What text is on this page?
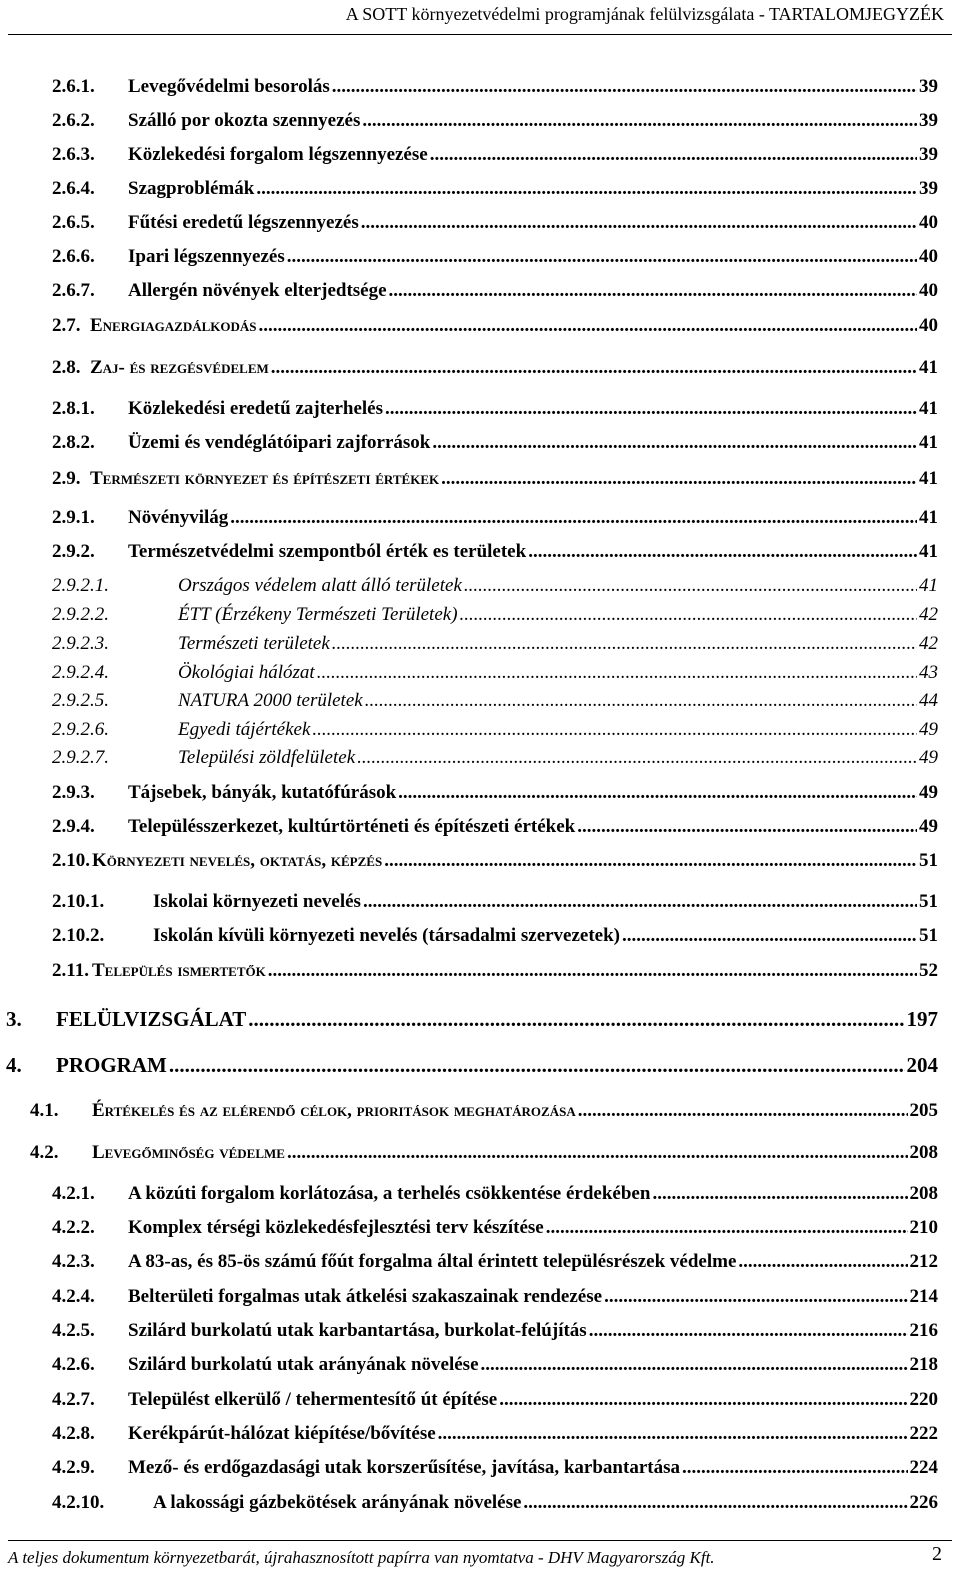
A SOTT környezetvédelmi programjának felülvizsgálata - TARTALOMJEGYZÉK
2.6.1.	Levegővédelmi besorolás .....	39
2.6.2.	Szálló por okozta szennyezés .....	39
2.6.3.	Közlekedési forgalom légszennyezése .....	39
2.6.4.	Szagproblémák .....	39
2.6.5.	Fűtési eredetű légszennyezés .....	40
2.6.6.	Ipari légszennyezés .....	40
2.6.7.	Allergén növények elterjedtsége .....	40
2.7. Energiagazdálkodás .....	40
2.8. Zaj- és rezgésvédelem .....	41
2.8.1.	Közlekedési eredetű zajterhelés .....	41
2.8.2.	Üzemi és vendéglátóipari zajforrások .....	41
2.9. Természeti környezet és építészeti értékek .....	41
2.9.1.	Növényvilág .....	41
2.9.2.	Természetvédelmi szempontból érték es területek .....	41
2.9.2.1.	Országos védelem alatt álló területek .....	41
2.9.2.2.	ÉTT (Érzékeny Természeti Területek) .....	42
2.9.2.3.	Természeti területek .....	42
2.9.2.4.	Ökológiai hálózat .....	43
2.9.2.5.	NATURA 2000 területek .....	44
2.9.2.6.	Egyedi tájértékek .....	49
2.9.2.7.	Települési zöldfelületek .....	49
2.9.3.	Tájsebek, bányák, kutatófúrások .....	49
2.9.4.	Településszerkezet, kultúrtörténeti és építészeti értékek .....	49
2.10. Környezeti nevelés, oktatás, képzés .....	51
2.10.1.	Iskolai környezeti nevelés .....	51
2.10.2.	Iskolán kívüli környezeti nevelés (társadalmi szervezetek) .....	51
2.11. Település ismertetők .....	52
3.	FELÜLVIZSGÁLAT .....	197
4.	PROGRAM .....	204
4.1.	Értékelés és az elérendő célok, prioritások meghatározása .....	205
4.2.	Levegőminőség védelme .....	208
4.2.1.	A közúti forgalom korlátozása, a terhelés csökkentése érdekében .....	208
4.2.2.	Komplex térségi közlekedésfejlesztési terv készítése .....	210
4.2.3.	A 83-as, és 85-ös számú főút forgalma által érintett településrészek védelme .....	212
4.2.4.	Belterületi forgalmas utak átkelési szakaszainak rendezése .....	214
4.2.5.	Szilárd burkolatú utak karbantartása, burkolat-felújítás .....	216
4.2.6.	Szilárd burkolatú utak arányának növelése .....	218
4.2.7.	Települést elkerülő / tehermentesítő út építése .....	220
4.2.8.	Kerékpárút-hálózat kiépítése/bővítése .....	222
4.2.9.	Mező- és erdőgazdasági utak korszerűsítése, javítása, karbantartása .....	224
4.2.10.	A lakossági gázbekötések arányának növelése .....	226
A teljes dokumentum környezetbarát, újrahasznosított papírra van nyomtatva - DHV Magyarország Kft.	2
